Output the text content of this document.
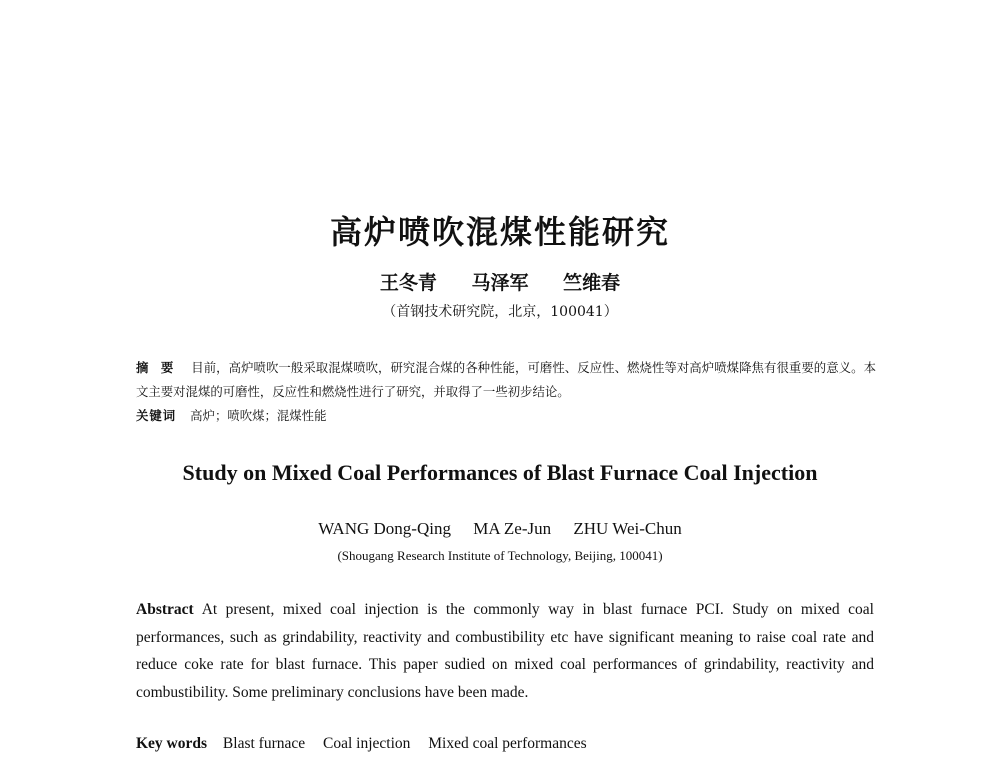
高炉喷吹混煤性能研究
王冬青 马泽军 竺维春
（首钢技术研究院，北京，100041）
摘 要 目前，高炉喷吹一般采取混煤喷吹，研究混合煤的各种性能，可磨性、反应性、燃烧性等对高炉喷煤降焦有很重要的意义。本文主要对混煤的可磨性，反应性和燃烧性进行了研究，并取得了一些初步结论。
关键词 高炉；喷吹煤；混煤性能
Study on Mixed Coal Performances of Blast Furnace Coal Injection
WANG Dong-Qing MA Ze-Jun ZHU Wei-Chun
(Shougang Research Institute of Technology, Beijing, 100041)
Abstract At present, mixed coal injection is the commonly way in blast furnace PCI. Study on mixed coal performances, such as grindability, reactivity and combustibility etc have significant meaning to raise coal rate and reduce coke rate for blast furnace. This paper sudied on mixed coal performances of grindability, reactivity and combustibility. Some preliminary conclusions have been made.
Key words Blast furnace Coal injection Mixed coal performances
